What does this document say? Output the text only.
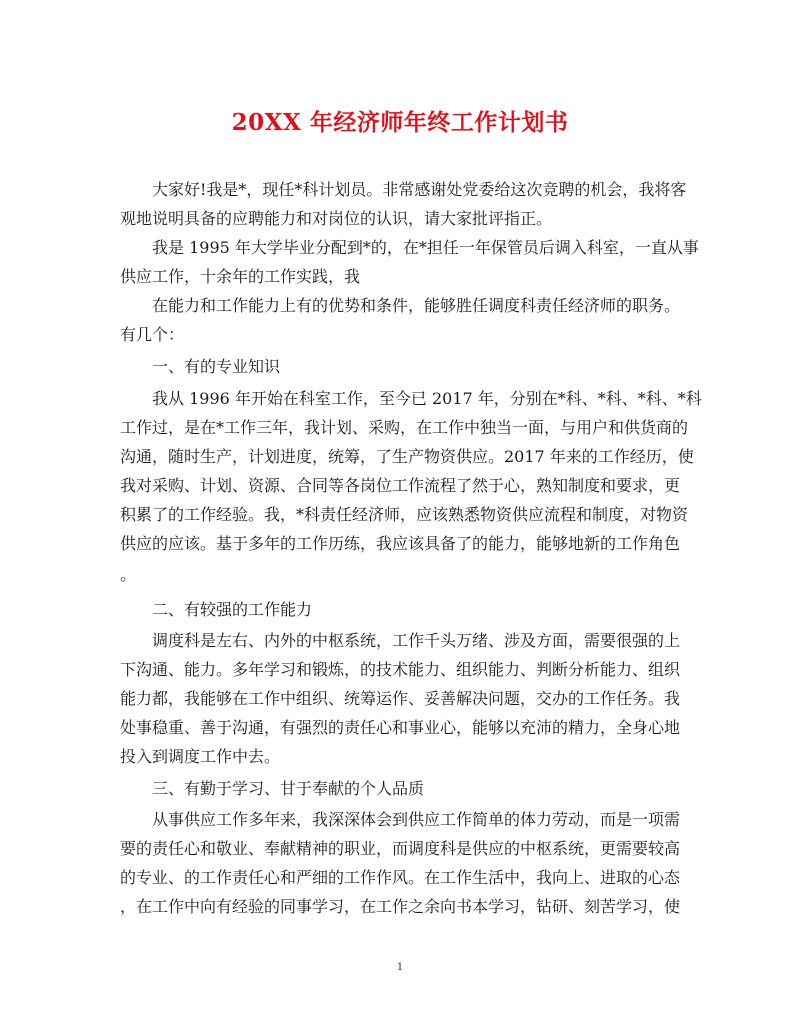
20XX 年经济师年终工作计划书
大家好!我是*，现任*科计划员。非常感谢处党委给这次竞聘的机会，我将客
观地说明具备的应聘能力和对岗位的认识，请大家批评指正。
我是 1995 年大学毕业分配到*的，在*担任一年保管员后调入科室，一直从事
供应工作，十余年的工作实践，我
在能力和工作能力上有的优势和条件，能够胜任调度科责任经济师的职务。
有几个：
一、有的专业知识
我从 1996 年开始在科室工作，至今已 2017 年，分别在*科、*科、*科、*科
工作过，是在*工作三年，我计划、采购，在工作中独当一面，与用户和供货商的
沟通，随时生产，计划进度，统筹，了生产物资供应。2017 年来的工作经历，使
我对采购、计划、资源、合同等各岗位工作流程了然于心，熟知制度和要求，更
积累了的工作经验。我，*科责任经济师，应该熟悉物资供应流程和制度，对物资
供应的应该。基于多年的工作历练，我应该具备了的能力，能够地新的工作角色
。
二、有较强的工作能力
调度科是左右、内外的中枢系统，工作千头万绪、涉及方面，需要很强的上
下沟通、能力。多年学习和锻炼，的技术能力、组织能力、判断分析能力、组织
能力都，我能够在工作中组织、统筹运作、妥善解决问题，交办的工作任务。我
处事稳重、善于沟通，有强烈的责任心和事业心，能够以充沛的精力，全身心地
投入到调度工作中去。
三、有勤于学习、甘于奉献的个人品质
从事供应工作多年来，我深深体会到供应工作简单的体力劳动，而是一项需
要的责任心和敬业、奉献精神的职业，而调度科是供应的中枢系统，更需要较高
的专业、的工作责任心和严细的工作作风。在工作生活中，我向上、进取的心态
，在工作中向有经验的同事学习，在工作之余向书本学习，钻研、刻苦学习，使
1
